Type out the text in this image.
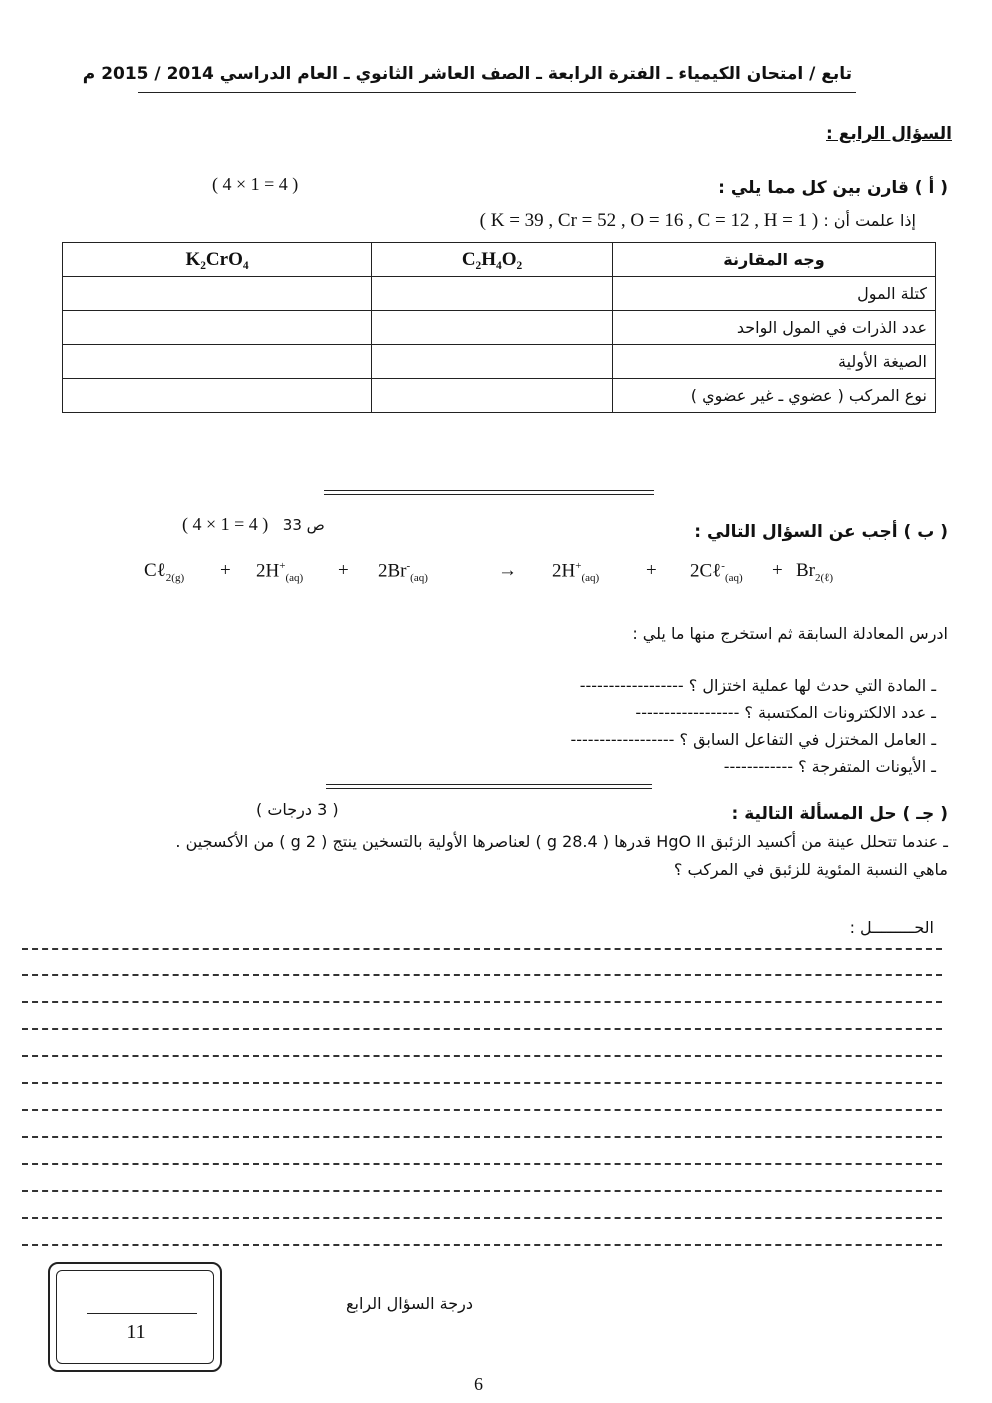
تابع / امتحان الكيمياء ـ الفترة الرابعة ـ الصف العاشر الثانوي ـ العام الدراسي 2014 / 2015 م
السؤال الرابع :
( أ ) قارن بين كل مما يلي :
( 4 × 1 = 4 )
إذا علمت أن : ( K = 39 , Cr = 52 , O = 16 , C = 12 , H = 1 )
K₂CrO₄	C₂H₄O₂	وجه المقارنة
		كتلة المول
		عدد الذرات في المول الواحد
		الصيغة الأولية
		نوع المركب ( عضوي ـ غير عضوي )
( ب ) أجب عن السؤال التالي :
( 4 × 1 = 4 ) ص 33
Cℓ$_{2(g)}$ + $2H^+_{(aq)} + 2Br^-_{(aq)}$	→ $2H^+_{(aq)}$ + 2Cℓ-$_{(aq)}$ + $Br_{2(\ell)}$
ادرس المعادلة السابقة ثم استخرج منها ما يلي :
ـ المادة التي حدث لها عملية اختزال ؟ ------------------
ـ عدد الالكترونات المكتسبة ؟ ------------------
ـ العامل المختزل في التفاعل السابق ؟ ------------------
ـ الأيونات المتفرجة ؟ ------------
( جـ ) حل المسألة التالية :
( 3 درجات )
ـ عندما تتحلل عينة من أكسيد الزئبق HgO II قدرها ( 28.4 g ) لعناصرها الأولية بالتسخين ينتج ( 2 g ) من الأكسجين .
ماهي النسبة المئوية للزئبق في المركب ؟
الحـــــــــل :
11
درجة السؤال الرابع
6
